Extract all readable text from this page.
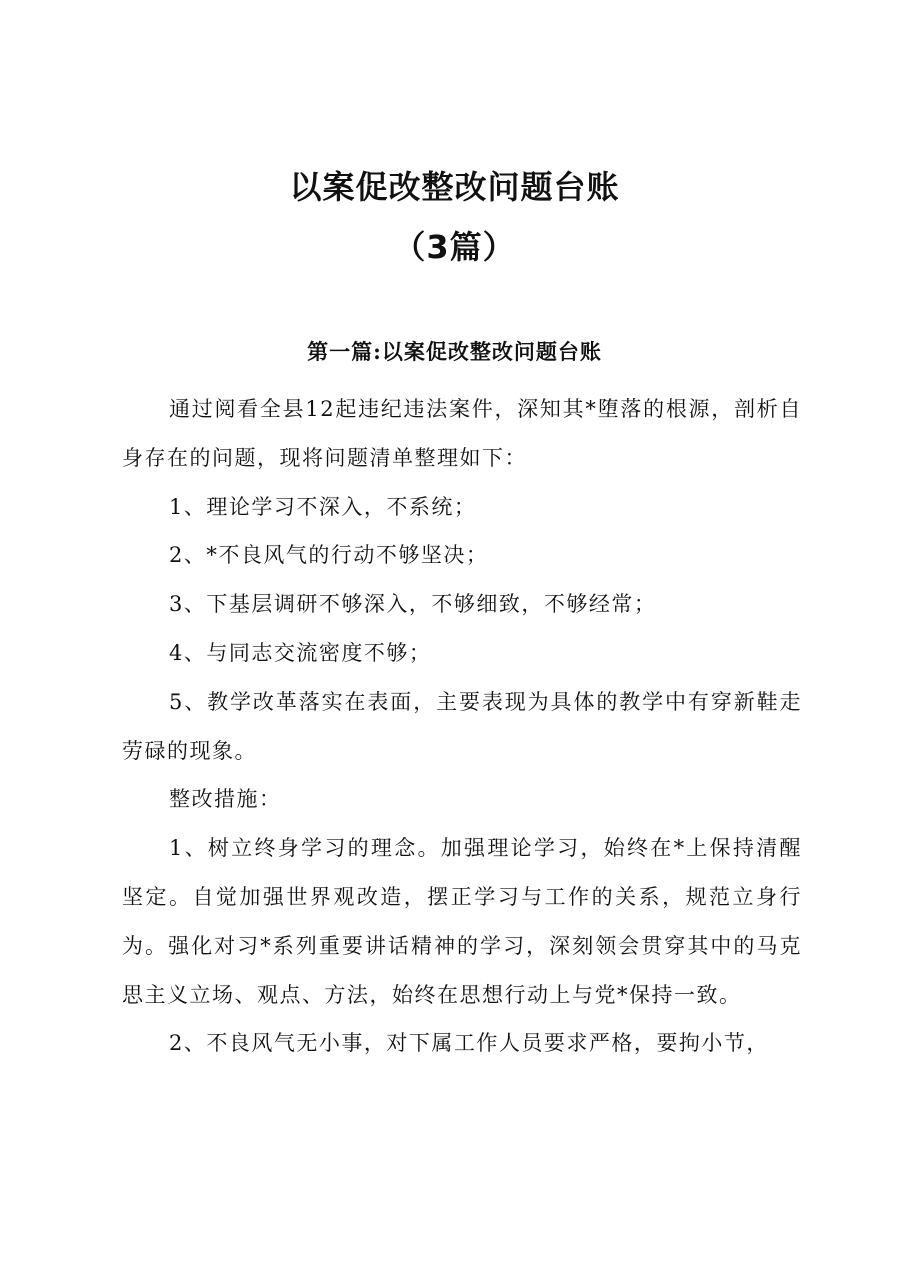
以案促改整改问题台账
（3篇）
第一篇:以案促改整改问题台账

通过阅看全县12起违纪违法案件，深知其*堕落的根源，剖析自身存在的问题，现将问题清单整理如下：

1、理论学习不深入，不系统；

2、*不良风气的行动不够坚决；

3、下基层调研不够深入，不够细致，不够经常；

4、与同志交流密度不够；

5、教学改革落实在表面，主要表现为具体的教学中有穿新鞋走劳碌的现象。

整改措施：

1、树立终身学习的理念。加强理论学习，始终在*上保持清醒坚定。自觉加强世界观改造，摆正学习与工作的关系，规范立身行为。强化对习*系列重要讲话精神的学习，深刻领会贯穿其中的马克思主义立场、观点、方法，始终在思想行动上与党*保持一致。

2、不良风气无小事，对下属工作人员要求严格，要拘小节，
